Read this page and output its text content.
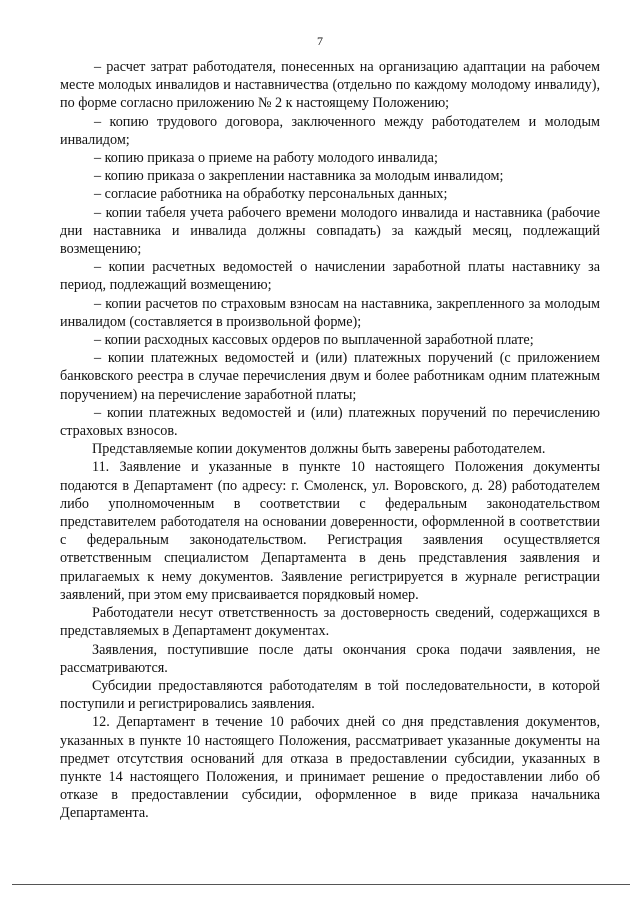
7

– расчет затрат работодателя, понесенных на организацию адаптации на рабочем месте молодых инвалидов и наставничества (отдельно по каждому молодому инвалиду), по форме согласно приложению № 2 к настоящему Положению;

– копию трудового договора, заключенного между работодателем и молодым инвалидом;

– копию приказа о приеме на работу молодого инвалида;

– копию приказа о закреплении наставника за молодым инвалидом;

– согласие работника на обработку персональных данных;

– копии табеля учета рабочего времени молодого инвалида и наставника (рабочие дни наставника и инвалида должны совпадать) за каждый месяц, подлежащий возмещению;

– копии расчетных ведомостей о начислении заработной платы наставнику за период, подлежащий возмещению;

– копии расчетов по страховым взносам на наставника, закрепленного за молодым инвалидом (составляется в произвольной форме);

– копии расходных кассовых ордеров по выплаченной заработной плате;

– копии платежных ведомостей и (или) платежных поручений (с приложением банковского реестра в случае перечисления двум и более работникам одним платежным поручением) на перечисление заработной платы;

– копии платежных ведомостей и (или) платежных поручений по перечислению страховых взносов.

Представляемые копии документов должны быть заверены работодателем.

11. Заявление и указанные в пункте 10 настоящего Положения документы подаются в Департамент (по адресу: г. Смоленск, ул. Воровского, д. 28) работодателем либо уполномоченным в соответствии с федеральным законодательством представителем работодателя на основании доверенности, оформленной в соответствии с федеральным законодательством. Регистрация заявления осуществляется ответственным специалистом Департамента в день представления заявления и прилагаемых к нему документов. Заявление регистрируется в журнале регистрации заявлений, при этом ему присваивается порядковый номер.

Работодатели несут ответственность за достоверность сведений, содержащихся в представляемых в Департамент документах.

Заявления, поступившие после даты окончания срока подачи заявления, не рассматриваются.

Субсидии предоставляются работодателям в той последовательности, в которой поступили и регистрировались заявления.

12. Департамент в течение 10 рабочих дней со дня представления документов, указанных в пункте 10 настоящего Положения, рассматривает указанные документы на предмет отсутствия оснований для отказа в предоставлении субсидии, указанных в пункте 14 настоящего Положения, и принимает решение о предоставлении либо об отказе в предоставлении субсидии, оформленное в виде приказа начальника Департамента.
